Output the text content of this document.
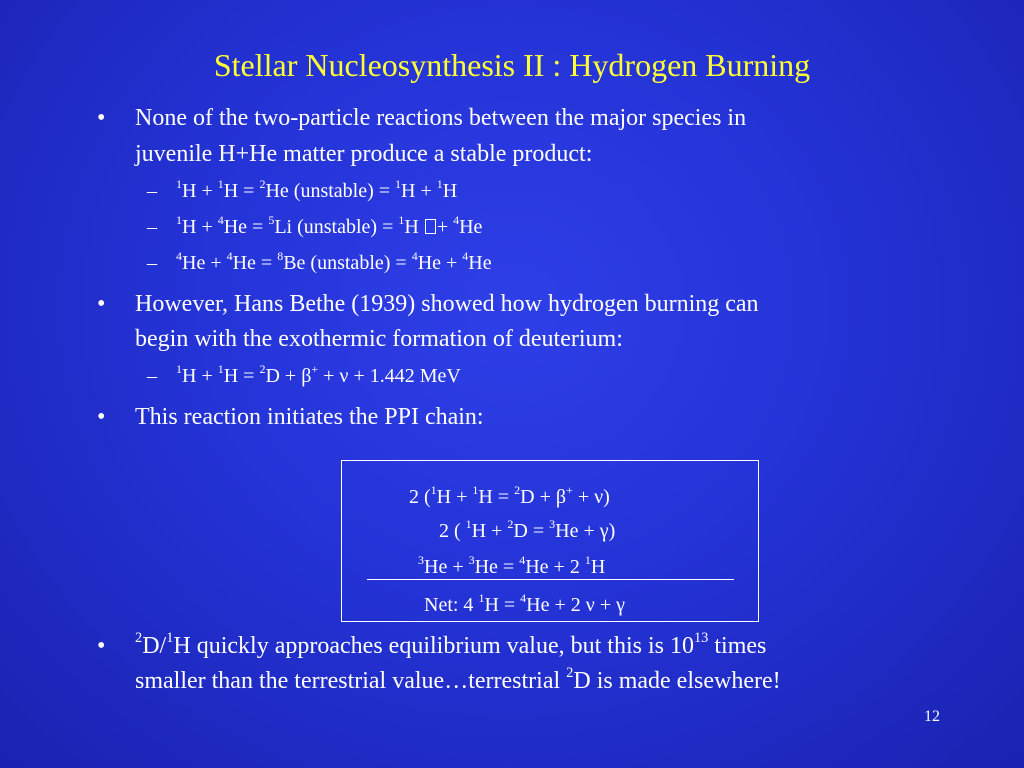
Stellar Nucleosynthesis II : Hydrogen Burning
•	None of the two-particle reactions between the major species in
juvenile H+He matter produce a stable product:
–	$^1$H + $^1$H = $^2$He (unstable) = $^1$H + $^1$H
–	$^1$H + $^4$He = $^5$Li (unstable) = $^1$H + $^4$He
–	$^4$He + $^4$He = $^8$Be (unstable) = $^4$He + $^4$He
•	However, Hans Bethe (1939) showed how hydrogen burning can
begin with the exothermic formation of deuterium:
–	$^1$H + $^1$H = $^2$D + β+ + ν + 1.442 MeV
•	This reaction initiates the PPI chain:
2 ($^1$H + $^1$H = $^2$D + β+ + ν)
2 ( $^1$H + $^2$D = $^3$He + γ)
$^3$He + $^3$He = $^4$He + 2 $^1$H
Net: 4 $^1$H = $^4$He + 2 ν + γ
•	$^2$D/$^1$H quickly approaches equilibrium value, but this is $10^{13}$ times
smaller than the terrestrial value…terrestrial $^2$D is made elsewhere!
12
